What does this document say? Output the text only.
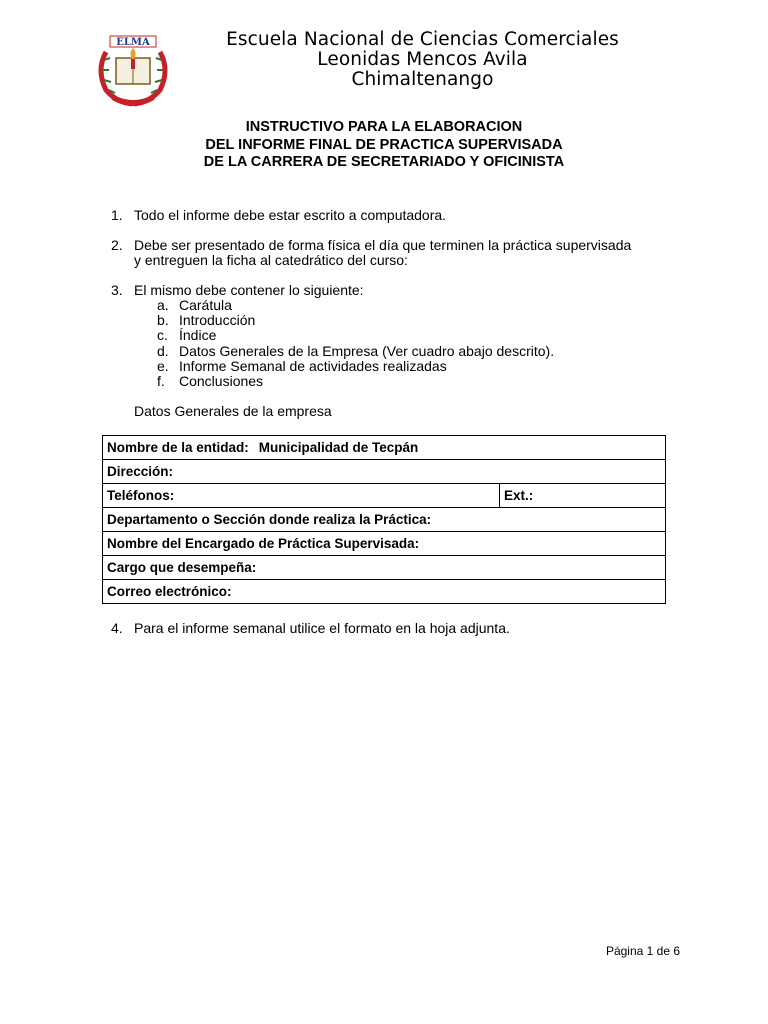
ELMA	Escuela Nacional de Ciencias Comerciales
Leonidas Mencos Avila
Chimaltenango
INSTRUCTIVO PARA LA ELABORACION
DEL INFORME FINAL DE PRACTICA SUPERVISADA
DE LA CARRERA DE SECRETARIADO Y OFICINISTA
1. Todo el informe debe estar escrito a computadora.
2. Debe ser presentado de forma física el día que terminen la práctica supervisada
y entreguen la ficha al catedrático del curso:
3. El mismo debe contener lo siguiente:
a. Carátula
b. Introducción
c. Índice
d. Datos Generales de la Empresa (Ver cuadro abajo descrito).
e. Informe Semanal de actividades realizadas
f. Conclusiones
Datos Generales de la empresa
Nombre de la entidad: Municipalidad de Tecpán
Dirección:
Teléfonos:	Ext.:
Departamento o Sección donde realiza la Práctica:
Nombre del Encargado de Práctica Supervisada:
Cargo que desempeña:
Correo electrónico:
4. Para el informe semanal utilice el formato en la hoja adjunta.
Página 1 de 6
